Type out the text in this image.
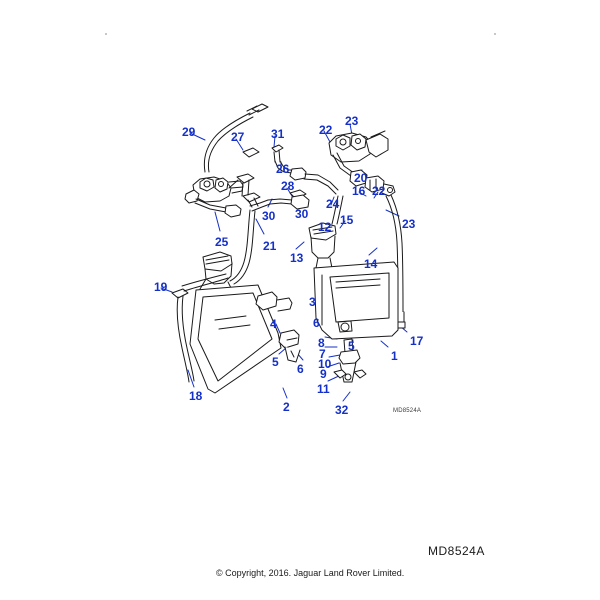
29	27 31	22
23
26
28
20
16 22
24
30
30
23
15
12
25	21
13	14
19
3
6
4
17
8 5
7	1
5	10
6 9
11
18
2	32	MD8524A
MD8524A
© Copyright, 2016. Jaguar Land Rover Limited.
